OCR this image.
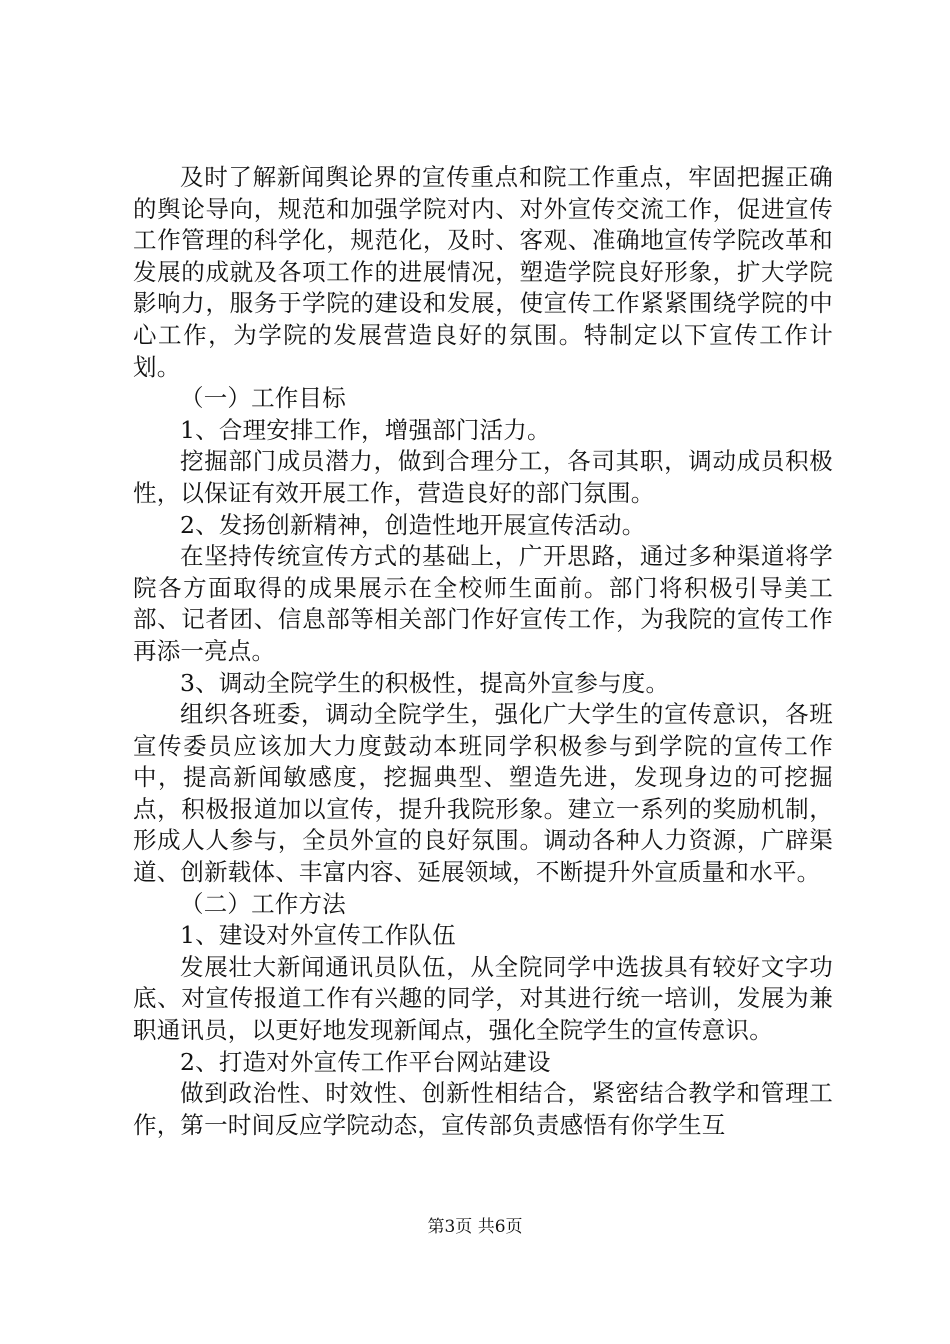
及时了解新闻舆论界的宣传重点和院工作重点，牢固把握正确的舆论导向，规范和加强学院对内、对外宣传交流工作，促进宣传工作管理的科学化，规范化，及时、客观、准确地宣传学院改革和发展的成就及各项工作的进展情况，塑造学院良好形象，扩大学院影响力，服务于学院的建设和发展，使宣传工作紧紧围绕学院的中心工作，为学院的发展营造良好的氛围。特制定以下宣传工作计划。

（一）工作目标

1、合理安排工作，增强部门活力。

挖掘部门成员潜力，做到合理分工，各司其职，调动成员积极性，以保证有效开展工作，营造良好的部门氛围。

2、发扬创新精神，创造性地开展宣传活动。

在坚持传统宣传方式的基础上，广开思路，通过多种渠道将学院各方面取得的成果展示在全校师生面前。部门将积极引导美工部、记者团、信息部等相关部门作好宣传工作，为我院的宣传工作再添一亮点。

3、调动全院学生的积极性，提高外宣参与度。

组织各班委，调动全院学生，强化广大学生的宣传意识，各班宣传委员应该加大力度鼓动本班同学积极参与到学院的宣传工作中，提高新闻敏感度，挖掘典型、塑造先进，发现身边的可挖掘点，积极报道加以宣传，提升我院形象。建立一系列的奖励机制，形成人人参与，全员外宣的良好氛围。调动各种人力资源，广辟渠道、创新载体、丰富内容、延展领域，不断提升外宣质量和水平。

（二）工作方法

1、建设对外宣传工作队伍

发展壮大新闻通讯员队伍，从全院同学中选拔具有较好文字功底、对宣传报道工作有兴趣的同学，对其进行统一培训，发展为兼职通讯员，以更好地发现新闻点，强化全院学生的宣传意识。

2、打造对外宣传工作平台网站建设

做到政治性、时效性、创新性相结合，紧密结合教学和管理工作，第一时间反应学院动态，宣传部负责感悟有你学生互

第3页 共6页
